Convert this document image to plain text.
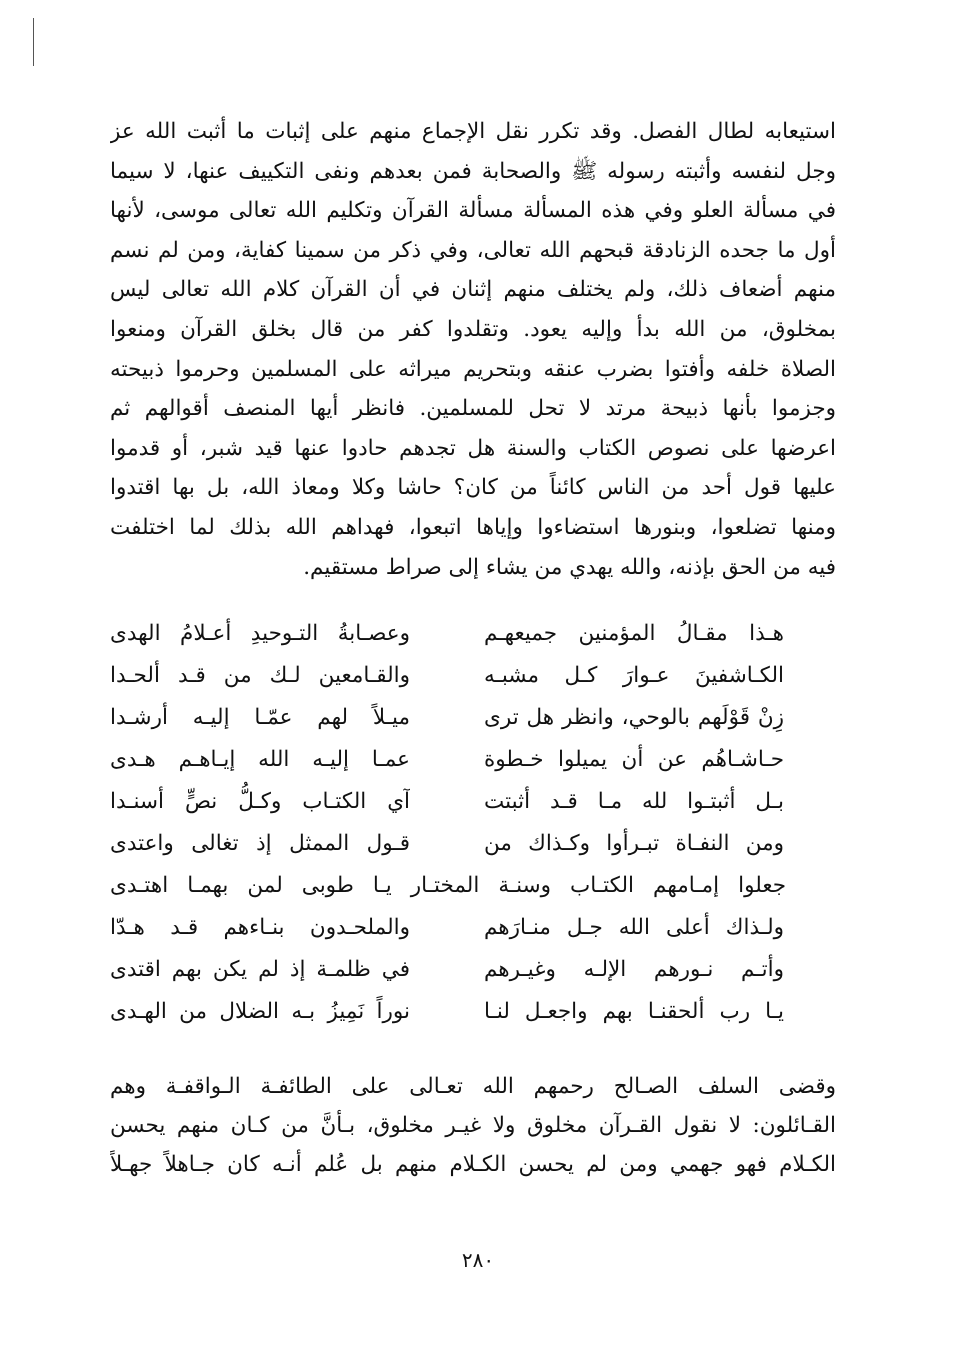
استيعابه لطال الفصل. وقد تكرر نقل الإجماع منهم على إثبات ما أثبت الله عز
وجل لنفسه وأثبته رسوله ﷺ والصحابة فمن بعدهم ونفى التكييف عنها، لا سيما
في مسألة العلو وفي هذه المسألة مسألة القرآن وتكليم الله تعالى موسى، لأنها
أول ما جحده الزنادقة قبحهم الله تعالى، وفي ذكر من سمينا كفاية، ومن لم نسم
منهم أضعاف ذلك، ولم يختلف منهم إثنان في أن القرآن كلام الله تعالى ليس
بمخلوق، من الله بدأ وإليه يعود. وتقلدوا كفر من قال بخلق القرآن ومنعوا
الصلاة خلفه وأفتوا بضرب عنقه وبتحريم ميراثه على المسلمين وحرموا ذبيحته
وجزموا بأنها ذبيحة مرتد لا تحل للمسلمين. فانظر أيها المنصف أقوالهم ثم
اعرضها على نصوص الكتاب والسنة هل تجدهم حادوا عنها قيد شبر، أو قدموا
عليها قول أحد من الناس كائناً من كان؟ حاشا وكلا ومعاذ الله، بل بها اقتدوا
ومنها تضلعوا، وبنورها استضاءوا وإياها اتبعوا، فهداهم الله بذلك لما اختلفت
فيه من الحق بإذنه، والله يهدي من يشاء إلى صراط مستقيم.
هـذا مقـالُ المؤمنين جميعهـم
وعصـابةُ التـوحيدِ أعـلامُ الهدى
الكـاشفينَ عـوارَ كـل مشبـه
والقـامعين لـك من قـد ألحـدا
زِنْ قَوْلَهم بالوحي، وانظر هل ترى
ميـلاً لهم عمّـا إليـه أرشـدا
حـاشـاهُم عن أن يميلوا خـطوة
عمـا إليـه الله إيـاهـم هـدى
بـل أثبتـوا لله مـا قـد أثبتت
آي الكتـاب وكـلُّ نصٍّ أسنـدا
ومن النفـاة تبـرأوا وكـذاك من
قـول الممثل إذ تغالى واعتدى
جعلوا إمـامهم الكتـاب وسنـة المختـار يـا طوبى لمن بهمـا اهتـدى
ولـذاك أعلى الله جـل منـارَهم
والملحـدون بنـاءهم قـد هـدّا
وأتـم نـورهم الإلـه وغيـرهم
في ظلمـة إذ لم يكن بهم اقتدى
يـا رب ألحقنـا بهم واجعـل لنـا
نوراً نَمِيزُ بـه الضلال من الهـدى
وقضى السلف الصـالح رحمهم الله تعـالى على الطائفـة الـواقفـة وهم
القـائلون: لا نقول القـرآن مخلوق ولا غيـر مخلوق، بـأنَّ من كـان منهم يحسن
الكـلام فهو جهمي ومن لم يحسن الكـلام منهم بل عُلم أنـه كان جـاهلاً جهـلاً
٢٨٠
